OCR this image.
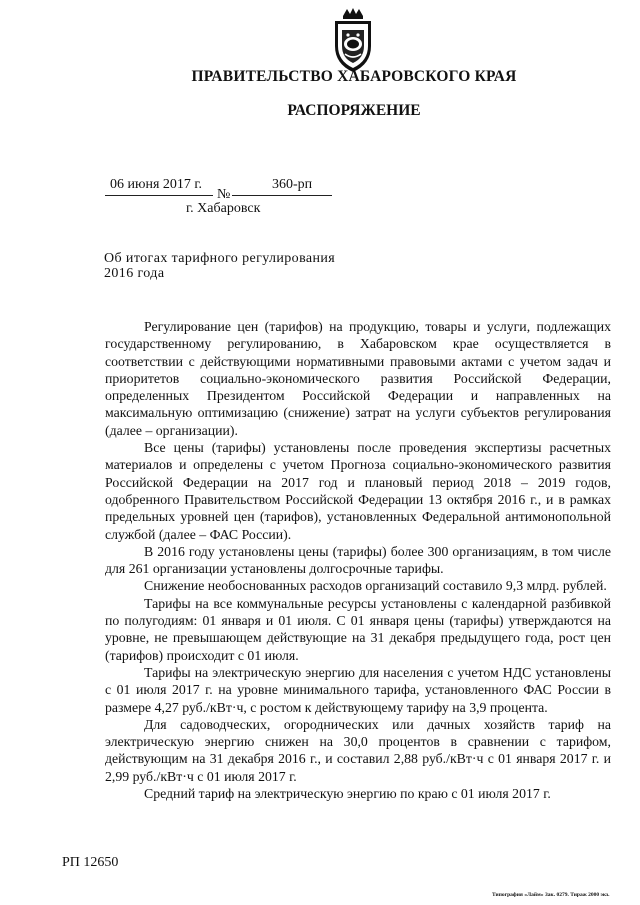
ПРАВИТЕЛЬСТВО ХАБАРОВСКОГО КРАЯ
РАСПОРЯЖЕНИЕ
06 июня 2017 г.
№
360-рп
г. Хабаровск
Об итогах тарифного регулирования 2016 года

Регулирование цен (тарифов) на продукцию, товары и услуги, подлежащих государственному регулированию, в Хабаровском крае осуществляется в соответствии с действующими нормативными правовыми актами с учетом задач и приоритетов социально-экономического развития Российской Федерации, определенных Президентом Российской Федерации и направленных на максимальную оптимизацию (снижение) затрат на услуги субъектов регулирования (далее – организации).

Все цены (тарифы) установлены после проведения экспертизы расчетных материалов и определены с учетом Прогноза социально-экономического развития Российской Федерации на 2017 год и плановый период 2018 – 2019 годов, одобренного Правительством Российской Федерации 13 октября 2016 г., и в рамках предельных уровней цен (тарифов), установленных Федеральной антимонопольной службой (далее – ФАС России).

В 2016 году установлены цены (тарифы) более 300 организациям, в том числе для 261 организации установлены долгосрочные тарифы.

Снижение необоснованных расходов организаций составило 9,3 млрд. рублей.

Тарифы на все коммунальные ресурсы установлены с календарной разбивкой по полугодиям: 01 января и 01 июля. С 01 января цены (тарифы) утверждаются на уровне, не превышающем действующие на 31 декабря предыдущего года, рост цен (тарифов) происходит с 01 июля.

Тарифы на электрическую энергию для населения с учетом НДС установлены с 01 июля 2017 г. на уровне минимального тарифа, установленного ФАС России в размере 4,27 руб./кВт·ч, с ростом к действующему тарифу на 3,9 процента.

Для садоводческих, огороднических или дачных хозяйств тариф на электрическую энергию снижен на 30,0 процентов в сравнении с тарифом, действующим на 31 декабря 2016 г., и составил 2,88 руб./кВт·ч с 01 января 2017 г. и 2,99 руб./кВт·ч с 01 июля 2017 г.

Средний тариф на электрическую энергию по краю с 01 июля 2017 г.

РП 12650
Типография «Лайм» Зак. 0279. Тираж 2000 экз.
